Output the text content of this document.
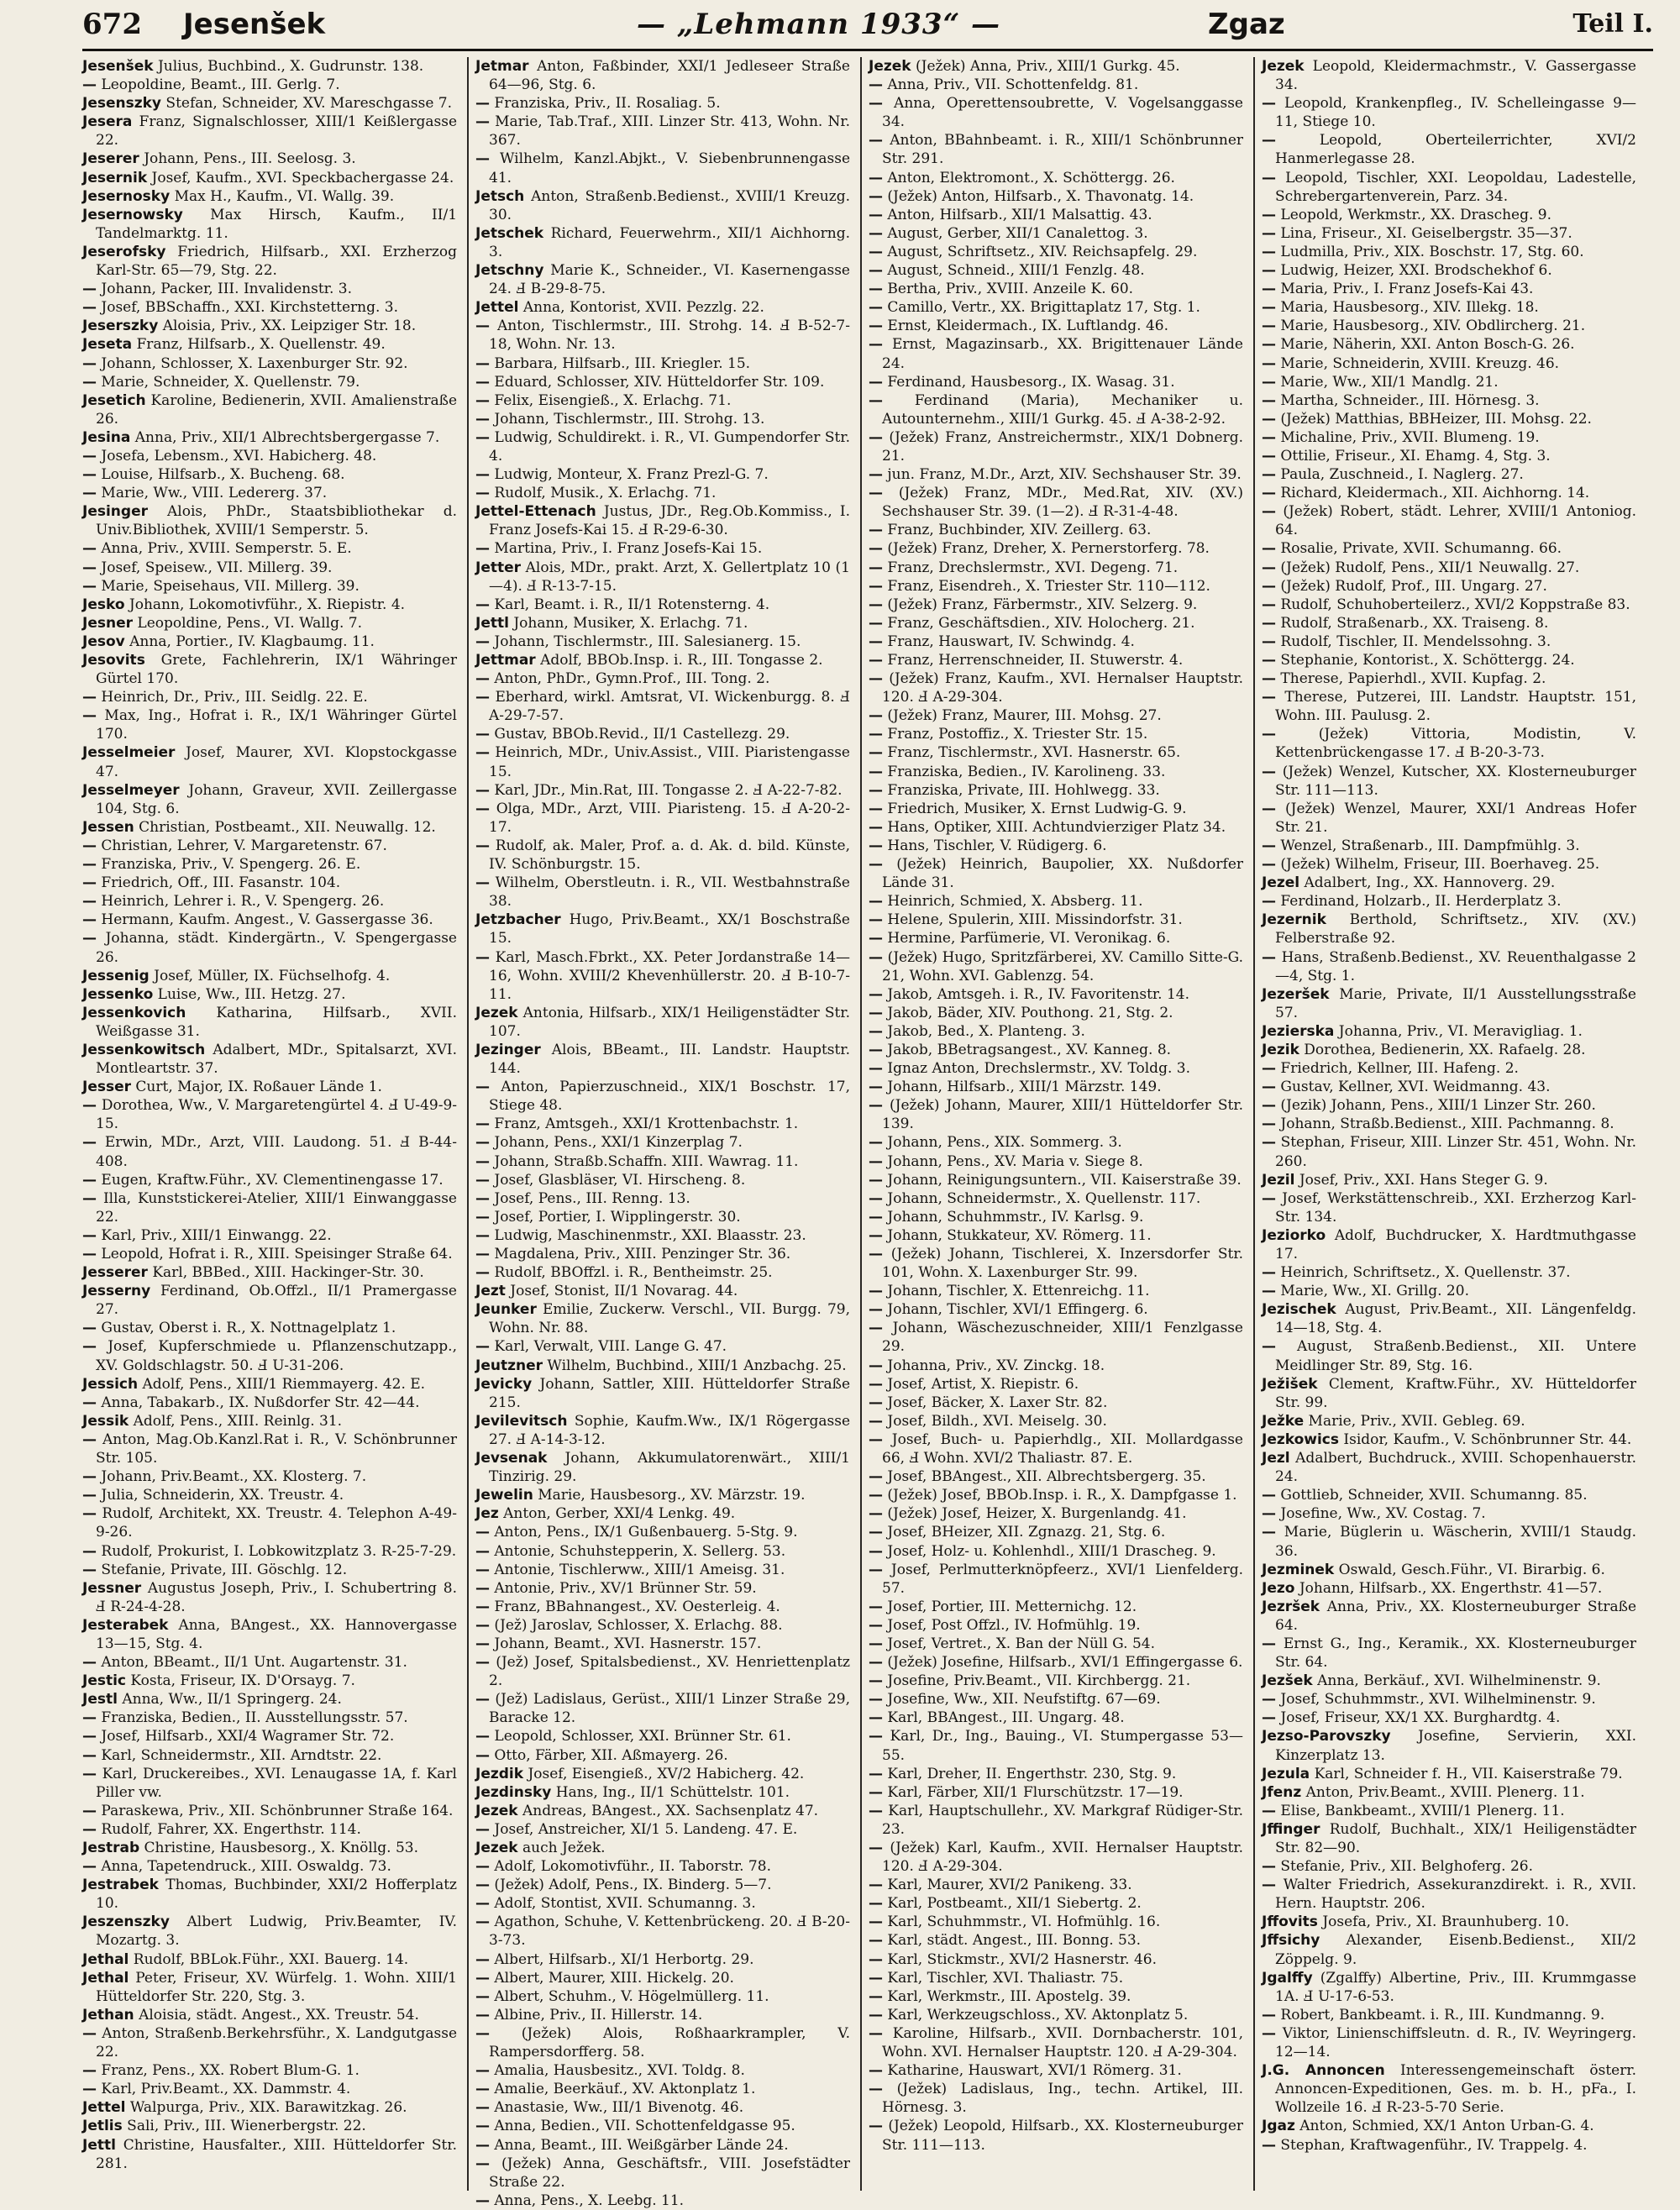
672 Jesenšek	— „Lehmann 1933“ —	Zgaz	Teil I.

Jesenšek Julius, Buchbind., X. Gudrunstr. 138.

— Leopoldine, Beamt., III. Gerlg. 7.

Jesenszky Stefan, Schneider, XV. Mareschgasse 7.

Jesera Franz, Signalschlosser, XIII/1 Keißlergasse 22.

Jeserer Johann, Pens., III. Seelosg. 3.

Jesernik Josef, Kaufm., XVI. Speckbachergasse 24.

Jesernosky Max H., Kaufm., VI. Wallg. 39.

Jesernowsky Max Hirsch, Kaufm., II/1 Tandelmarktg. 11.

Jeserofsky Friedrich, Hilfsarb., XXI. Erzherzog Karl-Str. 65—79, Stg. 22.

— Johann, Packer, III. Invalidenstr. 3.

— Josef, BBSchaffn., XXI. Kirchstetterng. 3.

Jeserszky Aloisia, Priv., XX. Leipziger Str. 18.

Jeseta Franz, Hilfsarb., X. Quellenstr. 49.

— Johann, Schlosser, X. Laxenburger Str. 92.

— Marie, Schneider, X. Quellenstr. 79.

Jesetich Karoline, Bedienerin, XVII. Amalienstraße 26.

Jesina Anna, Priv., XII/1 Albrechtsbergergasse 7.

— Josefa, Lebensm., XVI. Habicherg. 48.

— Louise, Hilfsarb., X. Bucheng. 68.

— Marie, Ww., VIII. Ledererg. 37.

Jesinger Alois, PhDr., Staatsbibliothekar d. Univ.Bibliothek, XVIII/1 Semperstr. 5.

— Anna, Priv., XVIII. Semperstr. 5. E.

— Josef, Speisew., VII. Millerg. 39.

— Marie, Speisehaus, VII. Millerg. 39.

Jesko Johann, Lokomotivführ., X. Riepistr. 4.

Jesner Leopoldine, Pens., VI. Wallg. 7.

Jesov Anna, Portier., IV. Klagbaumg. 11.

Jesovits Grete, Fachlehrerin, IX/1 Währinger Gürtel 170.

— Heinrich, Dr., Priv., III. Seidlg. 22. E.

— Max, Ing., Hofrat i. R., IX/1 Währinger Gürtel 170.

Jesselmeier Josef, Maurer, XVI. Klopstockgasse 47.

Jesselmeyer Johann, Graveur, XVII. Zeillergasse 104, Stg. 6.

Jessen Christian, Postbeamt., XII. Neuwallg. 12.

— Christian, Lehrer, V. Margaretenstr. 67.

— Franziska, Priv., V. Spengerg. 26. E.

— Friedrich, Off., III. Fasanstr. 104.

— Heinrich, Lehrer i. R., V. Spengerg. 26.

— Hermann, Kaufm. Angest., V. Gassergasse 36.

— Johanna, städt. Kindergärtn., V. Spengergasse 26.

Jessenig Josef, Müller, IX. Füchselhofg. 4.

Jessenko Luise, Ww., III. Hetzg. 27.

Jessenkovich Katharina, Hilfsarb., XVII. Weißgasse 31.

Jessenkowitsch Adalbert, MDr., Spitalsarzt, XVI. Montleartstr. 37.

Jesser Curt, Major, IX. Roßauer Lände 1.

— Dorothea, Ww., V. Margaretengürtel 4. Ⅎ U-49-9-15.

— Erwin, MDr., Arzt, VIII. Laudong. 51. Ⅎ B-44-408.

— Eugen, Kraftw.Führ., XV. Clementinengasse 17.

— Illa, Kunststickerei-Atelier, XIII/1 Einwanggasse 22.

— Karl, Priv., XIII/1 Einwangg. 22.

— Leopold, Hofrat i. R., XIII. Speisinger Straße 64.

Jesserer Karl, BBBed., XIII. Hackinger-Str. 30.

Jesserny Ferdinand, Ob.Offzl., II/1 Pramergasse 27.

— Gustav, Oberst i. R., X. Nottnagelplatz 1.

— Josef, Kupferschmiede u. Pflanzenschutzapp., XV. Goldschlagstr. 50. Ⅎ U-31-206.

Jessich Adolf, Pens., XIII/1 Riemmayerg. 42. E.

— Anna, Tabakarb., IX. Nußdorfer Str. 42—44.

Jessik Adolf, Pens., XIII. Reinlg. 31.

— Anton, Mag.Ob.Kanzl.Rat i. R., V. Schönbrunner Str. 105.

— Johann, Priv.Beamt., XX. Klosterg. 7.

— Julia, Schneiderin, XX. Treustr. 4.

— Rudolf, Architekt, XX. Treustr. 4. Telephon A-49-9-26.

— Rudolf, Prokurist, I. Lobkowitzplatz 3. R-25-7-29.

— Stefanie, Private, III. Göschlg. 12.

Jessner Augustus Joseph, Priv., I. Schubertring 8. Ⅎ R-24-4-28.

Jesterabek Anna, BAngest., XX. Hannovergasse 13—15, Stg. 4.

— Anton, BBeamt., II/1 Unt. Augartenstr. 31.

Jestic Kosta, Friseur, IX. D'Orsayg. 7.

Jestl Anna, Ww., II/1 Springerg. 24.

— Franziska, Bedien., II. Ausstellungsstr. 57.

— Josef, Hilfsarb., XXI/4 Wagramer Str. 72.

— Karl, Schneidermstr., XII. Arndtstr. 22.

— Karl, Druckereibes., XVI. Lenaugasse 1A, f. Karl Piller vw.

— Paraskewa, Priv., XII. Schönbrunner Straße 164.

— Rudolf, Fahrer, XX. Engerthstr. 114.

Jestrab Christine, Hausbesorg., X. Knöllg. 53.

— Anna, Tapetendruck., XIII. Oswaldg. 73.

Jestrabek Thomas, Buchbinder, XXI/2 Hofferplatz 10.

Jeszenszky Albert Ludwig, Priv.Beamter, IV. Mozartg. 3.

Jethal Rudolf, BBLok.Führ., XXI. Bauerg. 14.

Jethal Peter, Friseur, XV. Würfelg. 1. Wohn. XIII/1 Hütteldorfer Str. 220, Stg. 3.

Jethan Aloisia, städt. Angest., XX. Treustr. 54.

— Anton, Straßenb.Berkehrsführ., X. Landgutgasse 22.

— Franz, Pens., XX. Robert Blum-G. 1.

— Karl, Priv.Beamt., XX. Dammstr. 4.

Jettel Walpurga, Priv., XIX. Barawitzkag. 26.

Jetlis Sali, Priv., III. Wienerbergstr. 22.

Jettl Christine, Hausfalter., XIII. Hütteldorfer Str. 281.

Jetmar Anton, Faßbinder, XXI/1 Jedleseer Straße 64—96, Stg. 6.

— Franziska, Priv., II. Rosaliag. 5.

— Marie, Tab.Traf., XIII. Linzer Str. 413, Wohn. Nr. 367.

— Wilhelm, Kanzl.Abjkt., V. Siebenbrunnengasse 41.

Jetsch Anton, Straßenb.Bedienst., XVIII/1 Kreuzg. 30.

Jetschek Richard, Feuerwehrm., XII/1 Aichhorng. 3.

Jetschny Marie K., Schneider., VI. Kasernengasse 24. Ⅎ B-29-8-75.

Jettel Anna, Kontorist, XVII. Pezzlg. 22.

— Anton, Tischlermstr., III. Strohg. 14. Ⅎ B-52-7-18, Wohn. Nr. 13.

— Barbara, Hilfsarb., III. Kriegler. 15.

— Eduard, Schlosser, XIV. Hütteldorfer Str. 109.

— Felix, Eisengieß., X. Erlachg. 71.

— Johann, Tischlermstr., III. Strohg. 13.

— Ludwig, Schuldirekt. i. R., VI. Gumpendorfer Str. 4.

— Ludwig, Monteur, X. Franz Prezl-G. 7.

— Rudolf, Musik., X. Erlachg. 71.

Jettel-Ettenach Justus, JDr., Reg.Ob.Kommiss., I. Franz Josefs-Kai 15. Ⅎ R-29-6-30.

— Martina, Priv., I. Franz Josefs-Kai 15.

Jetter Alois, MDr., prakt. Arzt, X. Gellertplatz 10 (1—4). Ⅎ R-13-7-15.

— Karl, Beamt. i. R., II/1 Rotensterng. 4.

Jettl Johann, Musiker, X. Erlachg. 71.

— Johann, Tischlermstr., III. Salesianerg. 15.

Jettmar Adolf, BBOb.Insp. i. R., III. Tongasse 2.

— Anton, PhDr., Gymn.Prof., III. Tong. 2.

— Eberhard, wirkl. Amtsrat, VI. Wickenburgg. 8. Ⅎ A-29-7-57.

— Gustav, BBOb.Revid., II/1 Castellezg. 29.

— Heinrich, MDr., Univ.Assist., VIII. Piaristengasse 15.

— Karl, JDr., Min.Rat, III. Tongasse 2. Ⅎ A-22-7-82.

— Olga, MDr., Arzt, VIII. Piaristeng. 15. Ⅎ A-20-2-17.

— Rudolf, ak. Maler, Prof. a. d. Ak. d. bild. Künste, IV. Schönburgstr. 15.

— Wilhelm, Oberstleutn. i. R., VII. Westbahnstraße 38.

Jetzbacher Hugo, Priv.Beamt., XX/1 Boschstraße 15.

— Karl, Masch.Fbrkt., XX. Peter Jordanstraße 14—16, Wohn. XVIII/2 Khevenhüllerstr. 20. Ⅎ B-10-7-11.

Jezek Antonia, Hilfsarb., XIX/1 Heiligenstädter Str. 107.

Jezinger Alois, BBeamt., III. Landstr. Hauptstr. 144.

— Anton, Papierzuschneid., XIX/1 Boschstr. 17, Stiege 48.

— Franz, Amtsgeh., XXI/1 Krottenbachstr. 1.

— Johann, Pens., XXI/1 Kinzerplag 7.

— Johann, Straßb.Schaffn. XIII. Wawrag. 11.

— Josef, Glasbläser, VI. Hirscheng. 8.

— Josef, Pens., III. Renng. 13.

— Josef, Portier, I. Wipplingerstr. 30.

— Ludwig, Maschinenmstr., XXI. Blaasstr. 23.

— Magdalena, Priv., XIII. Penzinger Str. 36.

— Rudolf, BBOffzl. i. R., Bentheimstr. 25.

Jezt Josef, Stonist, II/1 Novarag. 44.

Jeunker Emilie, Zuckerw. Verschl., VII. Burgg. 79, Wohn. Nr. 88.

— Karl, Verwalt, VIII. Lange G. 47.

Jeutzner Wilhelm, Buchbind., XIII/1 Anzbachg. 25.

Jevicky Johann, Sattler, XIII. Hütteldorfer Straße 215.

Jevilevitsch Sophie, Kaufm.Ww., IX/1 Rögergasse 27. Ⅎ A-14-3-12.

Jevsenak Johann, Akkumulatorenwärt., XIII/1 Tinzirig. 29.

Jewelin Marie, Hausbesorg., XV. Märzstr. 19.

Jez Anton, Gerber, XXI/4 Lenkg. 49.

— Anton, Pens., IX/1 Gußenbauerg. 5-Stg. 9.

— Antonie, Schuhstepperin, X. Sellerg. 53.

— Antonie, Tischlerww., XIII/1 Ameisg. 31.

— Antonie, Priv., XV/1 Brünner Str. 59.

— Franz, BBahnangest., XV. Oesterleig. 4.

— (Jež) Jaroslav, Schlosser, X. Erlachg. 88.

— Johann, Beamt., XVI. Hasnerstr. 157.

— (Jež) Josef, Spitalsbedienst., XV. Henriettenplatz 2.

— (Jež) Ladislaus, Gerüst., XIII/1 Linzer Straße 29, Baracke 12.

— Leopold, Schlosser, XXI. Brünner Str. 61.

— Otto, Färber, XII. Aßmayerg. 26.

Jezdik Josef, Eisengieß., XV/2 Habicherg. 42.

Jezdinsky Hans, Ing., II/1 Schüttelstr. 101.

Jezek Andreas, BAngest., XX. Sachsenplatz 47.

— Josef, Anstreicher, XI/1 5. Landeng. 47. E.

Jezek auch Ježek.

— Adolf, Lokomotivführ., II. Taborstr. 78.

— (Ježek) Adolf, Pens., IX. Binderg. 5—7.

— Adolf, Stontist, XVII. Schumanng. 3.

— Agathon, Schuhe, V. Kettenbrückeng. 20. Ⅎ B-20-3-73.

— Albert, Hilfsarb., XI/1 Herbortg. 29.

— Albert, Maurer, XIII. Hickelg. 20.

— Albert, Schuhm., V. Högelmüllerg. 11.

— Albine, Priv., II. Hillerstr. 14.

— (Ježek) Alois, Roßhaarkrampler, V. Rampersdorfferg. 58.

— Amalia, Hausbesitz., XVI. Toldg. 8.

— Amalie, Beerkäuf., XV. Aktonplatz 1.

— Anastasie, Ww., III/1 Bivenotg. 46.

— Anna, Bedien., VII. Schottenfeldgasse 95.

— Anna, Beamt., III. Weißgärber Lände 24.

— (Ježek) Anna, Geschäftsfr., VIII. Josefstädter Straße 22.

— Anna, Pens., X. Leebg. 11.

Jezek (Ježek) Anna, Priv., XIII/1 Gurkg. 45.

— Anna, Priv., VII. Schottenfeldg. 81.

— Anna, Operettensoubrette, V. Vogelsanggasse 34.

— Anton, BBahnbeamt. i. R., XIII/1 Schönbrunner Str. 291.

— Anton, Elektromont., X. Schöttergg. 26.

— (Ježek) Anton, Hilfsarb., X. Thavonatg. 14.

— Anton, Hilfsarb., XII/1 Malsattig. 43.

— August, Gerber, XII/1 Canalettog. 3.

— August, Schriftsetz., XIV. Reichsapfelg. 29.

— August, Schneid., XIII/1 Fenzlg. 48.

— Bertha, Priv., XVIII. Anzeile K. 60.

— Camillo, Vertr., XX. Brigittaplatz 17, Stg. 1.

— Ernst, Kleidermach., IX. Luftlandg. 46.

— Ernst, Magazinsarb., XX. Brigittenauer Lände 24.

— Ferdinand, Hausbesorg., IX. Wasag. 31.

— Ferdinand (Maria), Mechaniker u. Autounternehm., XIII/1 Gurkg. 45. Ⅎ A-38-2-92.

— (Ježek) Franz, Anstreichermstr., XIX/1 Dobnerg. 21.

— jun. Franz, M.Dr., Arzt, XIV. Sechshauser Str. 39.

— (Ježek) Franz, MDr., Med.Rat, XIV. (XV.) Sechshauser Str. 39. (1—2). Ⅎ R-31-4-48.

— Franz, Buchbinder, XIV. Zeillerg. 63.

— (Ježek) Franz, Dreher, X. Pernerstorferg. 78.

— Franz, Drechslermstr., XVI. Degeng. 71.

— Franz, Eisendreh., X. Triester Str. 110—112.

— (Ježek) Franz, Färbermstr., XIV. Selzerg. 9.

— Franz, Geschäftsdien., XIV. Holocherg. 21.

— Franz, Hauswart, IV. Schwindg. 4.

— Franz, Herrenschneider, II. Stuwerstr. 4.

— (Ježek) Franz, Kaufm., XVI. Hernalser Hauptstr. 120. Ⅎ A-29-304.

— (Ježek) Franz, Maurer, III. Mohsg. 27.

— Franz, Postoffiz., X. Triester Str. 15.

— Franz, Tischlermstr., XVI. Hasnerstr. 65.

— Franziska, Bedien., IV. Karolineng. 33.

— Franziska, Private, III. Hohlwegg. 33.

— Friedrich, Musiker, X. Ernst Ludwig-G. 9.

— Hans, Optiker, XIII. Achtundvierziger Platz 34.

— Hans, Tischler, V. Rüdigerg. 6.

— (Ježek) Heinrich, Baupolier, XX. Nußdorfer Lände 31.

— Heinrich, Schmied, X. Absberg. 11.

— Helene, Spulerin, XIII. Missindorfstr. 31.

— Hermine, Parfümerie, VI. Veronikag. 6.

— (Ježek) Hugo, Spritzfärberei, XV. Camillo Sitte-G. 21, Wohn. XVI. Gablenzg. 54.

— Jakob, Amtsgeh. i. R., IV. Favoritenstr. 14.

— Jakob, Bäder, XIV. Pouthong. 21, Stg. 2.

— Jakob, Bed., X. Planteng. 3.

— Jakob, BBetragsangest., XV. Kanneg. 8.

— Ignaz Anton, Drechslermstr., XV. Toldg. 3.

— Johann, Hilfsarb., XIII/1 Märzstr. 149.

— (Ježek) Johann, Maurer, XIII/1 Hütteldorfer Str. 139.

— Johann, Pens., XIX. Sommerg. 3.

— Johann, Pens., XV. Maria v. Siege 8.

— Johann, Reinigungsuntern., VII. Kaiserstraße 39.

— Johann, Schneidermstr., X. Quellenstr. 117.

— Johann, Schuhmmstr., IV. Karlsg. 9.

— Johann, Stukkateur, XV. Römerg. 11.

— (Ježek) Johann, Tischlerei, X. Inzersdorfer Str. 101, Wohn. X. Laxenburger Str. 99.

— Johann, Tischler, X. Ettenreichg. 11.

— Johann, Tischler, XVI/1 Effingerg. 6.

— Johann, Wäschezuschneider, XIII/1 Fenzlgasse 29.

— Johanna, Priv., XV. Zinckg. 18.

— Josef, Artist, X. Riepistr. 6.

— Josef, Bäcker, X. Laxer Str. 82.

— Josef, Bildh., XVI. Meiselg. 30.

— Josef, Buch- u. Papierhdlg., XII. Mollardgasse 66, Ⅎ Wohn. XVI/2 Thaliastr. 87. E.

— Josef, BBAngest., XII. Albrechtsbergerg. 35.

— (Ježek) Josef, BBOb.Insp. i. R., X. Dampfgasse 1.

— (Ježek) Josef, Heizer, X. Burgenlandg. 41.

— Josef, BHeizer, XII. Zgnazg. 21, Stg. 6.

— Josef, Holz- u. Kohlenhdl., XIII/1 Drascheg. 9.

— Josef, Perlmutterknöpfeerz., XVI/1 Lienfelderg. 57.

— Josef, Portier, III. Metternichg. 12.

— Josef, Post Offzl., IV. Hofmühlg. 19.

— Josef, Vertret., X. Ban der Nüll G. 54.

— (Ježek) Josefine, Hilfsarb., XVI/1 Effingergasse 6.

— Josefine, Priv.Beamt., VII. Kirchbergg. 21.

— Josefine, Ww., XII. Neufstiftg. 67—69.

— Karl, BBAngest., III. Ungarg. 48.

— Karl, Dr., Ing., Bauing., VI. Stumpergasse 53—55.

— Karl, Dreher, II. Engerthstr. 230, Stg. 9.

— Karl, Färber, XII/1 Flurschützstr. 17—19.

— Karl, Hauptschullehr., XV. Markgraf Rüdiger-Str. 23.

— (Ježek) Karl, Kaufm., XVII. Hernalser Hauptstr. 120. Ⅎ A-29-304.

— Karl, Maurer, XVI/2 Panikeng. 33.

— Karl, Postbeamt., XII/1 Siebertg. 2.

— Karl, Schuhmmstr., VI. Hofmühlg. 16.

— Karl, städt. Angest., III. Bonng. 53.

— Karl, Stickmstr., XVI/2 Hasnerstr. 46.

— Karl, Tischler, XVI. Thaliastr. 75.

— Karl, Werkmstr., III. Apostelg. 39.

— Karl, Werkzeugschloss., XV. Aktonplatz 5.

— Karoline, Hilfsarb., XVII. Dornbacherstr. 101, Wohn. XVI. Hernalser Hauptstr. 120. Ⅎ A-29-304.

— Katharine, Hauswart, XVI/1 Römerg. 31.

— (Ježek) Ladislaus, Ing., techn. Artikel, III. Hörnesg. 3.

— (Ježek) Leopold, Hilfsarb., XX. Klosterneuburger Str. 111—113.

Jezek Leopold, Kleidermachmstr., V. Gassergasse 34.

— Leopold, Krankenpfleg., IV. Schelleingasse 9—11, Stiege 10.

—	Leopold, Oberteilerrichter, XVI/2 Hanmerlegasse 28.

— Leopold, Tischler, XXI. Leopoldau, Ladestelle, Schrebergartenverein, Parz. 34.

— Leopold, Werkmstr., XX. Drascheg. 9.

— Lina, Friseur., XI. Geiselbergstr. 35—37.

— Ludmilla, Priv., XIX. Boschstr. 17, Stg. 60.

— Ludwig, Heizer, XXI. Brodschekhof 6.

— Maria, Priv., I. Franz Josefs-Kai 43.

— Maria, Hausbesorg., XIV. Illekg. 18.

— Marie, Hausbesorg., XIV. Obdlircherg. 21.

— Marie, Näherin, XXI. Anton Bosch-G. 26.

— Marie, Schneiderin, XVIII. Kreuzg. 46.

— Marie, Ww., XII/1 Mandlg. 21.

— Martha, Schneider., III. Hörnesg. 3.

— (Ježek) Matthias, BBHeizer, III. Mohsg. 22.

— Michaline, Priv., XVII. Blumeng. 19.

— Ottilie, Friseur., XI. Ehamg. 4, Stg. 3.

— Paula, Zuschneid., I. Naglerg. 27.

— Richard, Kleidermach., XII. Aichhorng. 14.

— (Ježek) Robert, städt. Lehrer, XVIII/1 Antoniog. 64.

— Rosalie, Private, XVII. Schumanng. 66.

— (Ježek) Rudolf, Pens., XII/1 Neuwallg. 27.

— (Ježek) Rudolf, Prof., III. Ungarg. 27.

— Rudolf, Schuhoberteilerz., XVI/2 Koppstraße 83.

— Rudolf, Straßenarb., XX. Traiseng. 8.

— Rudolf, Tischler, II. Mendelssohng. 3.

— Stephanie, Kontorist., X. Schöttergg. 24.

— Therese, Papierhdl., XVII. Kupfag. 2.

— Therese, Putzerei, III. Landstr. Hauptstr. 151, Wohn. III. Paulusg. 2.

—	(Ježek) Vittoria, Modistin, V. Kettenbrückengasse 17. Ⅎ B-20-3-73.

— (Ježek) Wenzel, Kutscher, XX. Klosterneuburger Str. 111—113.

— (Ježek) Wenzel, Maurer, XXI/1 Andreas Hofer Str. 21.

— Wenzel, Straßenarb., III. Dampfmühlg. 3.

— (Ježek) Wilhelm, Friseur, III. Boerhaveg. 25.

Jezel Adalbert, Ing., XX. Hannoverg. 29.

— Ferdinand, Holzarb., II. Herderplatz 3.

Jezernik Berthold, Schriftsetz., XIV. (XV.) Felberstraße 92.

— Hans, Straßenb.Bedienst., XV. Reuenthalgasse 2—4, Stg. 1.

Jezeršek Marie, Private, II/1 Ausstellungsstraße 57.

Jezierska Johanna, Priv., VI. Meravigliag. 1.

Jezik Dorothea, Bedienerin, XX. Rafaelg. 28.

— Friedrich, Kellner, III. Hafeng. 2.

— Gustav, Kellner, XVI. Weidmanng. 43.

— (Jezik) Johann, Pens., XIII/1 Linzer Str. 260.

— Johann, Straßb.Bedienst., XIII. Pachmanng. 8.

— Stephan, Friseur, XIII. Linzer Str. 451, Wohn. Nr. 260.

Jezil Josef, Priv., XXI. Hans Steger G. 9.

— Josef, Werkstättenschreib., XXI. Erzherzog Karl-Str. 134.

Jeziorko Adolf, Buchdrucker, X. Hardtmuthgasse 17.

— Heinrich, Schriftsetz., X. Quellenstr. 37.

— Marie, Ww., XI. Grillg. 20.

Jezischek August, Priv.Beamt., XII. Längenfeldg. 14—18, Stg. 4.

— August, Straßenb.Bedienst., XII. Untere Meidlinger Str. 89, Stg. 16.

Ježišek Clement, Kraftw.Führ., XV. Hütteldorfer Str. 99.

Ježke Marie, Priv., XVII. Gebleg. 69.

Jezkowics Isidor, Kaufm., V. Schönbrunner Str. 44.

Jezl Adalbert, Buchdruck., XVIII. Schopenhauerstr. 24.

— Gottlieb, Schneider, XVII. Schumanng. 85.

— Josefine, Ww., XV. Costag. 7.

— Marie, Büglerin u. Wäscherin, XVIII/1 Staudg. 36.

Jezminek Oswald, Gesch.Führ., VI. Birarbig. 6.

Jezo Johann, Hilfsarb., XX. Engerthstr. 41—57.

Jezršek Anna, Priv., XX. Klosterneuburger Straße 64.

— Ernst G., Ing., Keramik., XX. Klosterneuburger Str. 64.

Jezšek Anna, Berkäuf., XVI. Wilhelminenstr. 9.

— Josef, Schuhmmstr., XVI. Wilhelminenstr. 9.

— Josef, Friseur, XX/1 XX. Burghardtg. 4.

Jezso-Parovszky Josefine, Servierin, XXI. Kinzerplatz 13.

Jezula Karl, Schneider f. H., VII. Kaiserstraße 79.

Jfenz Anton, Priv.Beamt., XVIII. Plenerg. 11.

— Elise, Bankbeamt., XVIII/1 Plenerg. 11.

Jffinger Rudolf, Buchhalt., XIX/1 Heiligenstädter Str. 82—90.

— Stefanie, Priv., XII. Belghoferg. 26.

— Walter Friedrich, Assekuranzdirekt. i. R., XVII. Hern. Hauptstr. 206.

Jffovits Josefa, Priv., XI. Braunhuberg. 10.

Jffsichy Alexander, Eisenb.Bedienst., XII/2 Zöppelg. 9.

Jgalffy (Zgalffy) Albertine, Priv., III. Krummgasse 1A. Ⅎ U-17-6-53.

— Robert, Bankbeamt. i. R., III. Kundmanng. 9.

— Viktor, Linienschiffsleutn. d. R., IV. Weyringerg. 12—14.

J.G. Annoncen Interessengemeinschaft österr. Annoncen-Expeditionen, Ges. m. b. H., pFa., I. Wollzeile 16. Ⅎ R-23-5-70 Serie.

Jgaz Anton, Schmied, XX/1 Anton Urban-G. 4.

— Stephan, Kraftwagenführ., IV. Trappelg. 4.
